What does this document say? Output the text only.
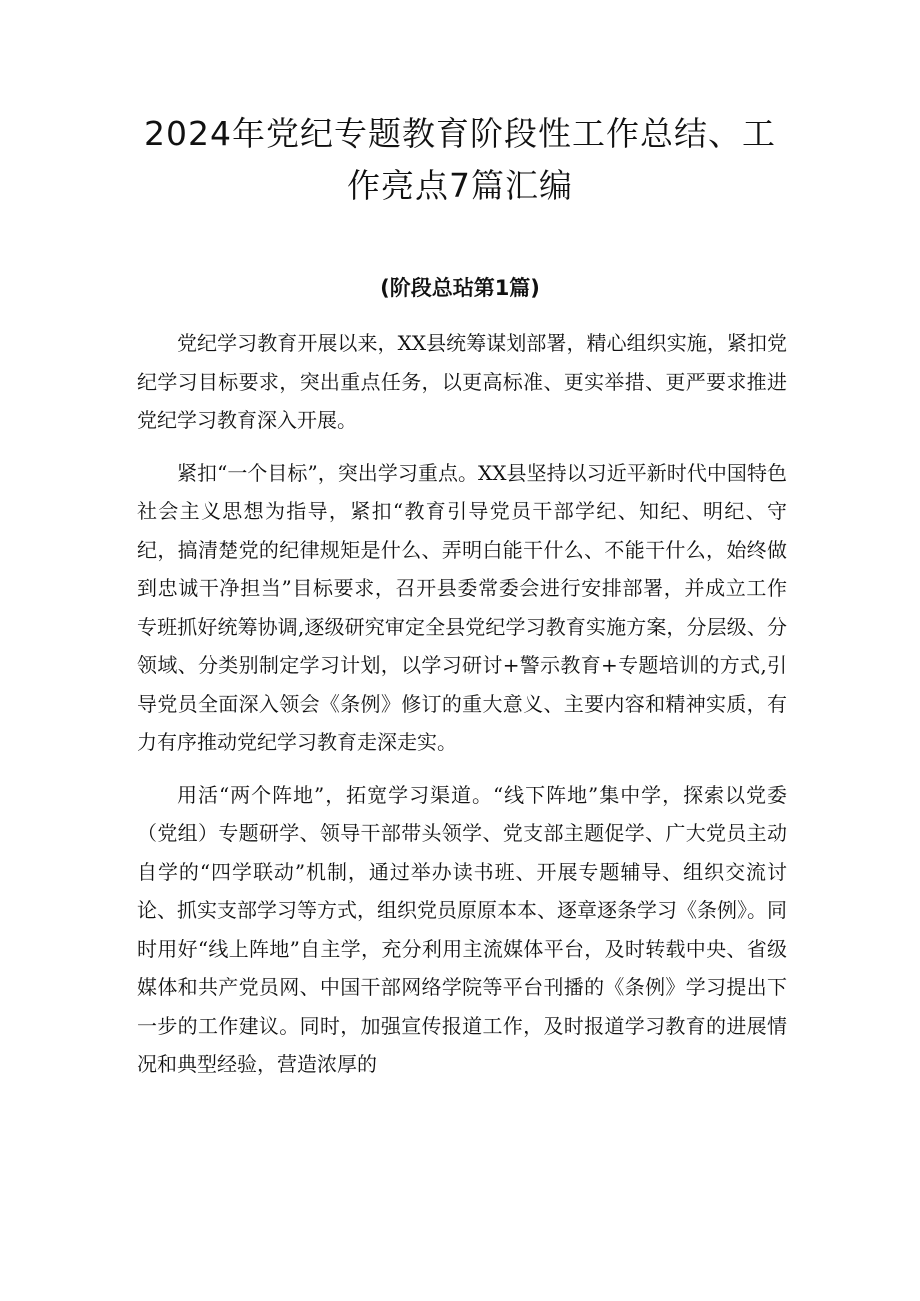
2024年党纪专题教育阶段性工作总结、工作亮点7篇汇编
(阶段总玷第1篇)

党纪学习教育开展以来，XX县统筹谋划部署，精心组织实施，紧扣党纪学习目标要求，突出重点任务，以更高标准、更实举措、更严要求推进党纪学习教育深入开展。

紧扣“一个目标”，突出学习重点。XX县坚持以习近平新时代中国特色社会主义思想为指导，紧扣“教育引导党员干部学纪、知纪、明纪、守纪，搞清楚党的纪律规矩是什么、弄明白能干什么、不能干什么，始终做到忠诚干净担当”目标要求，召开县委常委会进行安排部署，并成立工作专班抓好统筹协调,逐级研究审定全县党纪学习教育实施方案，分层级、分领域、分类别制定学习计划，以学习研讨+警示教育+专题培训的方式,引导党员全面深入领会《条例》修订的重大意义、主要内容和精神实质，有力有序推动党纪学习教育走深走实。

用活“两个阵地”，拓宽学习渠道。“线下阵地”集中学，探索以党委（党组）专题研学、领导干部带头领学、党支部主题促学、广大党员主动自学的“四学联动”机制，通过举办读书班、开展专题辅导、组织交流讨论、抓实支部学习等方式，组织党员原原本本、逐章逐条学习《条例》。同时用好“线上阵地”自主学，充分利用主流媒体平台，及时转载中央、省级媒体和共产党员网、中国干部网络学院等平台刊播的《条例》学习提出下一步的工作建议。同时，加强宣传报道工作，及时报道学习教育的进展情况和典型经验，营造浓厚的
